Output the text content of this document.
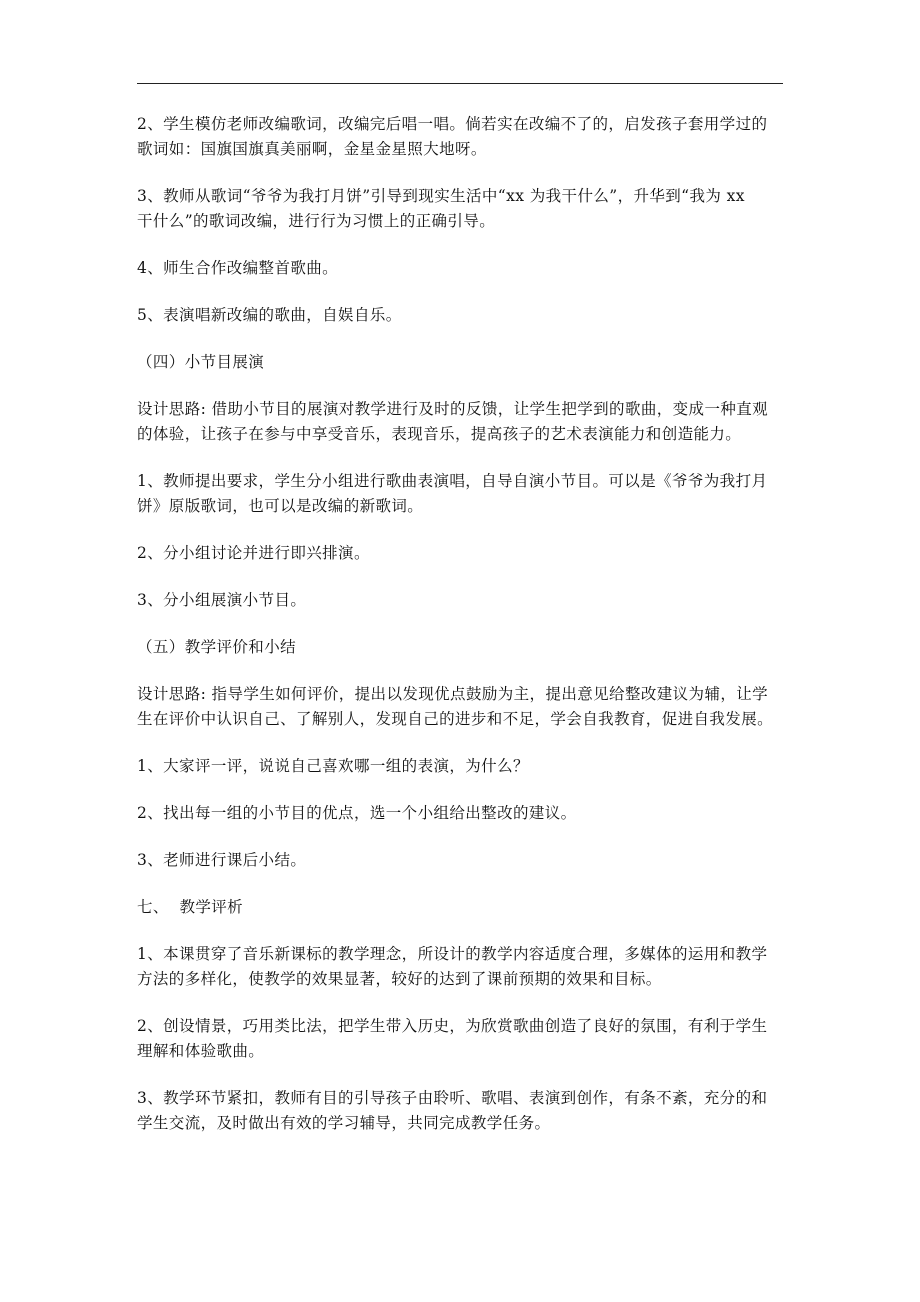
2、学生模仿老师改编歌词，改编完后唱一唱。倘若实在改编不了的，启发孩子套用学过的
歌词如：国旗国旗真美丽啊，金星金星照大地呀。

3、教师从歌词“爷爷为我打月饼”引导到现实生活中“xx 为我干什么”，升华到“我为 xx
干什么”的歌词改编，进行行为习惯上的正确引导。

4、师生合作改编整首歌曲。

5、表演唱新改编的歌曲，自娱自乐。

（四）小节目展演

设计思路: 借助小节目的展演对教学进行及时的反馈，让学生把学到的歌曲，变成一种直观
的体验，让孩子在参与中享受音乐，表现音乐，提高孩子的艺术表演能力和创造能力。

1、教师提出要求，学生分小组进行歌曲表演唱，自导自演小节目。可以是《爷爷为我打月
饼》原版歌词，也可以是改编的新歌词。

2、分小组讨论并进行即兴排演。

3、分小组展演小节目。

（五）教学评价和小结

设计思路: 指导学生如何评价，提出以发现优点鼓励为主，提出意见给整改建议为辅，让学
生在评价中认识自己、了解别人，发现自己的进步和不足，学会自我教育，促进自我发展。

1、大家评一评，说说自己喜欢哪一组的表演，为什么？

2、找出每一组的小节目的优点，选一个小组给出整改的建议。

3、老师进行课后小结。

七、  教学评析

1、本课贯穿了音乐新课标的教学理念，所设计的教学内容适度合理，多媒体的运用和教学
方法的多样化，使教学的效果显著，较好的达到了课前预期的效果和目标。

2、创设情景，巧用类比法，把学生带入历史，为欣赏歌曲创造了良好的氛围，有利于学生
理解和体验歌曲。

3、教学环节紧扣，教师有目的引导孩子由聆听、歌唱、表演到创作，有条不紊，充分的和
学生交流，及时做出有效的学习辅导，共同完成教学任务。
